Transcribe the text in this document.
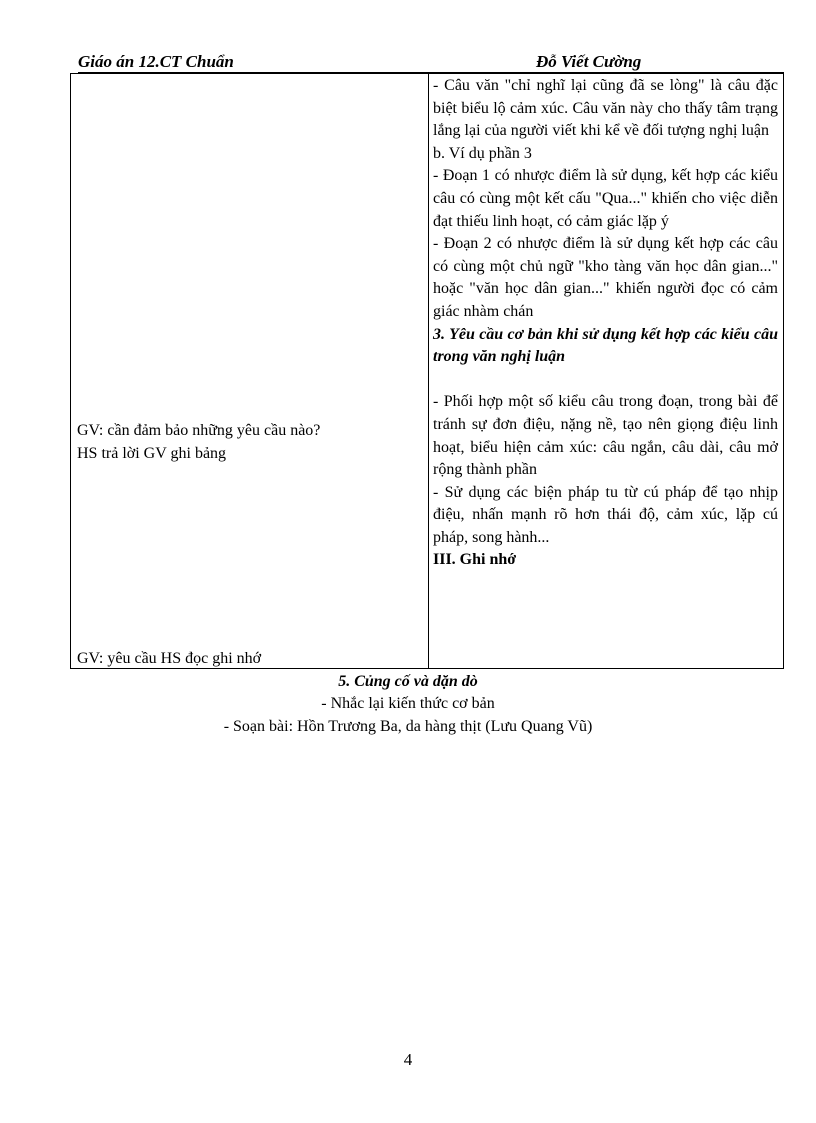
Giáo án 12.CT Chuẩn	Đỗ Viết Cường
GV: cần đảm bảo những yêu cầu nào?
HS trả lời GV ghi bảng
GV: yêu cầu HS đọc ghi nhớ

- Câu văn "chỉ nghĩ lại cũng đã se lòng" là câu đặc biệt biểu lộ cảm xúc. Câu văn này cho thấy tâm trạng lắng lại của người viết khi kể về đối tượng nghị luận

b. Ví dụ phần 3

- Đoạn 1 có nhược điểm là sử dụng, kết hợp các kiểu câu có cùng một kết cấu "Qua..." khiến cho việc diễn đạt thiếu linh hoạt, có cảm giác lặp ý

- Đoạn 2 có nhược điểm là sử dụng kết hợp các câu có cùng một chủ ngữ "kho tàng văn học dân gian..." hoặc "văn học dân gian..." khiến người đọc có cảm giác nhàm chán

3. Yêu cầu cơ bản khi sử dụng kết hợp các kiểu câu trong văn nghị luận

- Phối hợp một số kiểu câu trong đoạn, trong bài để tránh sự đơn điệu, nặng nề, tạo nên giọng điệu linh hoạt, biểu hiện cảm xúc: câu ngắn, câu dài, câu mở rộng thành phần

- Sử dụng các biện pháp tu từ cú pháp để tạo nhịp điệu, nhấn mạnh rõ hơn thái độ, cảm xúc, lặp cú pháp, song hành...

III. Ghi nhớ

5. Củng cố và dặn dò
- Nhắc lại kiến thức cơ bản
- Soạn bài: Hồn Trương Ba, da hàng thịt (Lưu Quang Vũ)
4
